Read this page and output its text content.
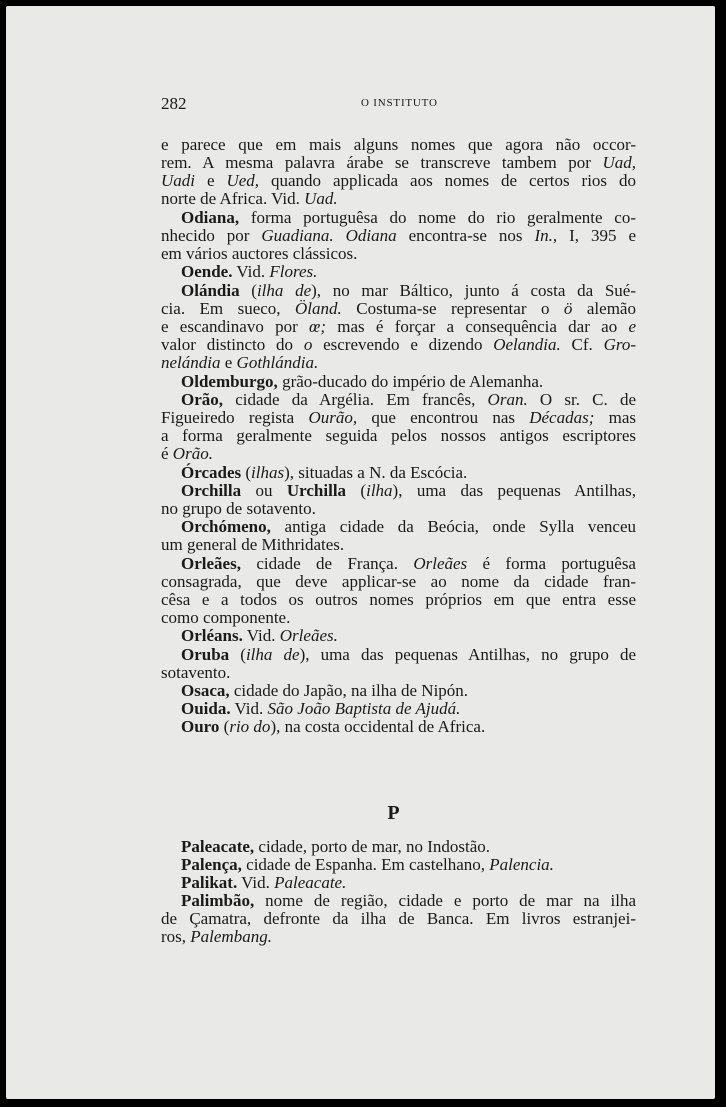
282	O INSTITUTO
e parece que em mais alguns nomes que agora não occor-
rem. A mesma palavra árabe se transcreve tambem por Uad,
Uadi e Ued, quando applicada aos nomes de certos rios do
norte de Africa. Vid. Uad.
Odiana, forma portuguêsa do nome do rio geralmente co-
nhecido por Guadiana. Odiana encontra-se nos In., I, 395 e
em vários auctores clássicos.
Oende. Vid. Flores.
Olándia (ilha de), no mar Báltico, junto á costa da Sué-
cia. Em sueco, Öland. Costuma-se representar o ö alemão
e escandinavo por œ; mas é forçar a consequência dar ao e
valor distincto do o escrevendo e dizendo Oelandia. Cf. Gro-
nelándia e Gothlándia.
Oldemburgo, grão-ducado do império de Alemanha.
Orão, cidade da Argélia. Em francês, Oran. O sr. C. de
Figueiredo regista Ourão, que encontrou nas Décadas; mas
a forma geralmente seguida pelos nossos antigos escriptores
é Orão.
Órcades (ilhas), situadas a N. da Escócia.
Orchilla ou Urchilla (ilha), uma das pequenas Antilhas,
no grupo de sotavento.
Orchómeno, antiga cidade da Beócia, onde Sylla venceu
um general de Mithridates.
Orleães, cidade de França. Orleães é forma portuguêsa
consagrada, que deve applicar-se ao nome da cidade fran-
cêsa e a todos os outros nomes próprios em que entra esse
como componente.
Orléans. Vid. Orleães.
Oruba (ilha de), uma das pequenas Antilhas, no grupo de
sotavento.
Osaca, cidade do Japão, na ilha de Nipón.
Ouida. Vid. São João Baptista de Ajudá.
Ouro (rio do), na costa occidental de Africa.
Paleacate, cidade, porto de mar, no Indostão.
Palença, cidade de Espanha. Em castelhano, Palencia.
Palikat. Vid. Paleacate.
Palimbão, nome de região, cidade e porto de mar na ilha
de Çamatra, defronte da ilha de Banca. Em livros estranjei-
ros, Palembang.
P
